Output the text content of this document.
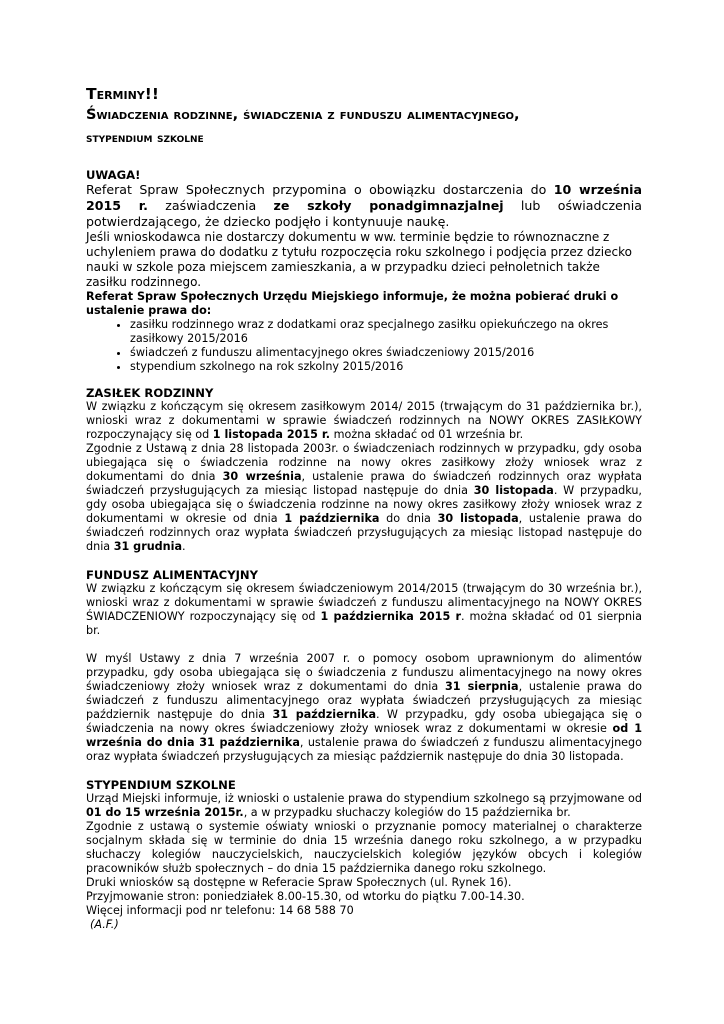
Terminy!!
Świadczenia rodzinne, świadczenia z funduszu alimentacyjnego,
stypendium szkolne
UWAGA!
Referat Spraw Społecznych przypomina o obowiązku dostarczenia do 10 września 2015 r. zaświadczenia ze szkoły ponadgimnazjalnej lub oświadczenia potwierdzającego, że dziecko podjęło i kontynuuje naukę.
Jeśli wnioskodawca nie dostarczy dokumentu w ww. terminie będzie to równoznaczne z uchyleniem prawa do dodatku z tytułu rozpoczęcia roku szkolnego i podjęcia przez dziecko nauki w szkole poza miejscem zamieszkania, a w przypadku dzieci pełnoletnich także zasiłku rodzinnego.
Referat Spraw Społecznych Urzędu Miejskiego informuje, że można pobierać druki o ustalenie prawa do:
• zasiłku rodzinnego wraz z dodatkami oraz specjalnego zasiłku opiekuńczego na okres zasiłkowy 2015/2016
• świadczeń z funduszu alimentacyjnego okres świadczeniowy 2015/2016
• stypendium szkolnego na rok szkolny 2015/2016
ZASIŁEK RODZINNY
W związku z kończącym się okresem zasiłkowym 2014/ 2015 (trwającym do 31 października br.), wnioski wraz z dokumentami w sprawie świadczeń rodzinnych na NOWY OKRES ZASIŁKOWY rozpoczynający się od 1 listopada 2015 r. można składać od 01 września br.
Zgodnie z Ustawą z dnia 28 listopada 2003r. o świadczeniach rodzinnych w przypadku, gdy osoba ubiegająca się o świadczenia rodzinne na nowy okres zasiłkowy złoży wniosek wraz z dokumentami do dnia 30 września, ustalenie prawa do świadczeń rodzinnych oraz wypłata świadczeń przysługujących za miesiąc listopad następuje do dnia 30 listopada. W przypadku, gdy osoba ubiegająca się o świadczenia rodzinne na nowy okres zasiłkowy złoży wniosek wraz z dokumentami w okresie od dnia 1 października do dnia 30 listopada, ustalenie prawa do świadczeń rodzinnych oraz wypłata świadczeń przysługujących za miesiąc listopad następuje do dnia 31 grudnia.
FUNDUSZ ALIMENTACYJNY
W związku z kończącym się okresem świadczeniowym 2014/2015 (trwającym do 30 września br.), wnioski wraz z dokumentami w sprawie świadczeń z funduszu alimentacyjnego na NOWY OKRES ŚWIADCZENIOWY rozpoczynający się od 1 października 2015 r. można składać od 01 sierpnia br.
W myśl Ustawy z dnia 7 września 2007 r. o pomocy osobom uprawnionym do alimentów przypadku, gdy osoba ubiegająca się o świadczenia z funduszu alimentacyjnego na nowy okres świadczeniowy złoży wniosek wraz z dokumentami do dnia 31 sierpnia, ustalenie prawa do świadczeń z funduszu alimentacyjnego oraz wypłata świadczeń przysługujących za miesiąc październik następuje do dnia 31 października. W przypadku, gdy osoba ubiegająca się o świadczenia na nowy okres świadczeniowy złoży wniosek wraz z dokumentami w okresie od 1 września do dnia 31 października, ustalenie prawa do świadczeń z funduszu alimentacyjnego oraz wypłata świadczeń przysługujących za miesiąc październik następuje do dnia 30 listopada.
STYPENDIUM SZKOLNE
Urząd Miejski informuje, iż wnioski o ustalenie prawa do stypendium szkolnego są przyjmowane od 01 do 15 września 2015r., a w przypadku słuchaczy kolegiów do 15 października br.
Zgodnie z ustawą o systemie oświaty wnioski o przyznanie pomocy materialnej o charakterze socjalnym składa się w terminie do dnia 15 września danego roku szkolnego, a w przypadku słuchaczy kolegiów nauczycielskich, nauczycielskich kolegiów języków obcych i kolegiów pracowników służb społecznych – do dnia 15 października danego roku szkolnego.
Druki wniosków są dostępne w Referacie Spraw Społecznych (ul. Rynek 16).
Przyjmowanie stron: poniedziałek 8.00-15.30, od wtorku do piątku 7.00-14.30.
Więcej informacji pod nr telefonu: 14 68 588 70
(A.F.)
